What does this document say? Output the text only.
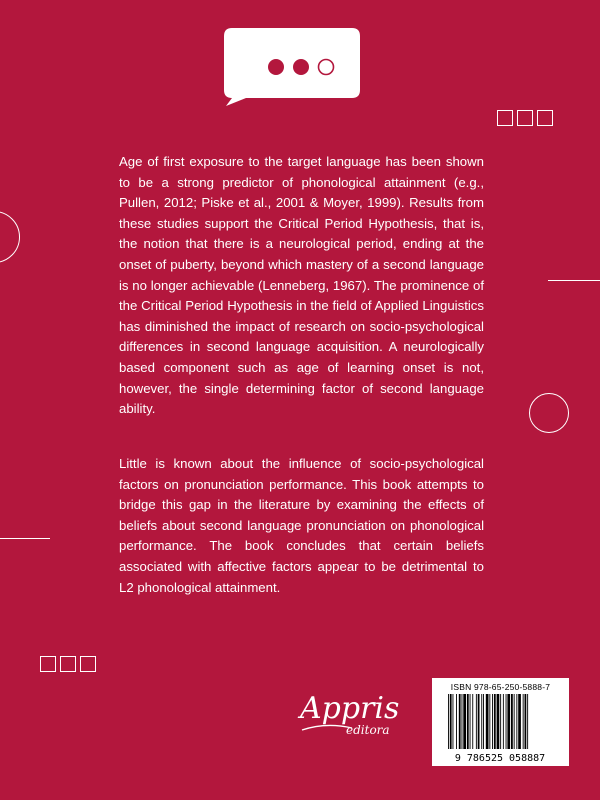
Age of first exposure to the target language has been shown to be a strong predictor of phonological attainment (e.g., Pullen, 2012; Piske et al., 2001 & Moyer, 1999). Results from these studies support the Critical Period Hypothesis, that is, the notion that there is a neurological period, ending at the onset of puberty, beyond which mastery of a second language is no longer achievable (Lenneberg, 1967). The prominence of the Critical Period Hypothesis in the field of Applied Linguistics has diminished the impact of research on socio-psychological differences in second language acquisition. A neurologically based component such as age of learning onset is not, however, the single determining factor of second language ability.

Little is known about the influence of socio-psychological factors on pronunciation performance. This book attempts to bridge this gap in the literature by examining the effects of beliefs about second language pronunciation on phonological performance. The book concludes that certain beliefs associated with affective factors appear to be detrimental to L2 phonological attainment.

Appris
editora
ISBN 978-65-250-5888-7
9 786525 058887
